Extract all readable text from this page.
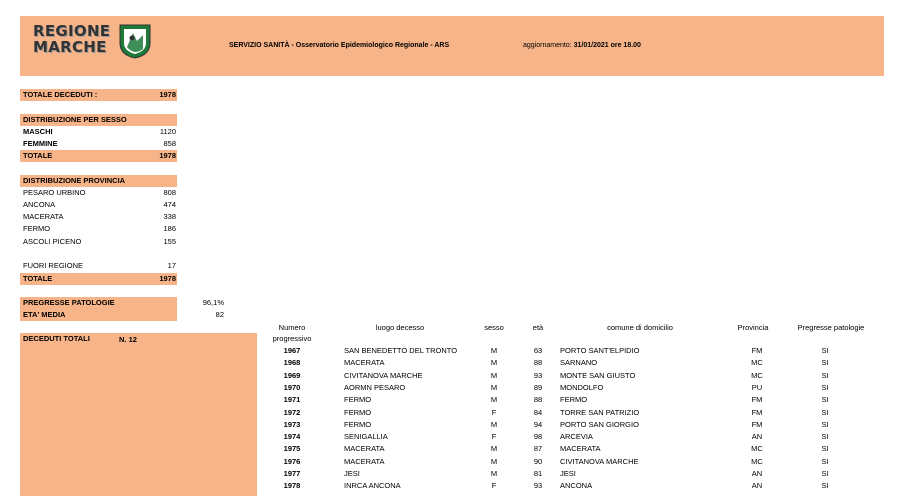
REGIONE
MARCHE	SERVIZIO SANITÀ - Osservatorio Epidemiologico Regionale - ARS	aggiornamento: 31/01/2021 ore 18.00
TOTALE DECEDUTI :	1978
DISTRIBUZIONE PER SESSO
MASCHI	1120
FEMMINE	858
TOTALE	1978
DISTRIBUZIONE PROVINCIA
PESARO URBINO	808
ANCONA	474
MACERATA	338
FERMO	186
ASCOLI PICENO	155
FUORI REGIONE	17
TOTALE	1978
PREGRESSE PATOLOGIE	96,1%
ETA' MEDIA	82
DECEDUTI TOTALI	N. 12
Numero
progressivo
luogo decesso	sesso	età	comune di domicilio	Provincia	Pregresse patologie
1967	SAN BENEDETTO DEL TRONTO	M	63	PORTO SANT'ELPIDIO	FM	SI
1968	MACERATA	M	88	SARNANO	MC	SI
1969	CIVITANOVA MARCHE	M	93	MONTE SAN GIUSTO	MC	SI
1970	AORMN PESARO	M	89	MONDOLFO	PU	SI
1971	FERMO	M	88	FERMO	FM	SI
1972	FERMO	F	84	TORRE SAN PATRIZIO	FM	SI
1973	FERMO	M	94	PORTO SAN GIORGIO	FM	SI
1974	SENIGALLIA	F	98	ARCEVIA	AN	SI
1975	MACERATA	M	87	MACERATA	MC	SI
1976	MACERATA	M	90	CIVITANOVA MARCHE	MC	SI
1977	JESI	M	81	JESI	AN	SI
1978	INRCA ANCONA	F	93	ANCONA	AN	SI
